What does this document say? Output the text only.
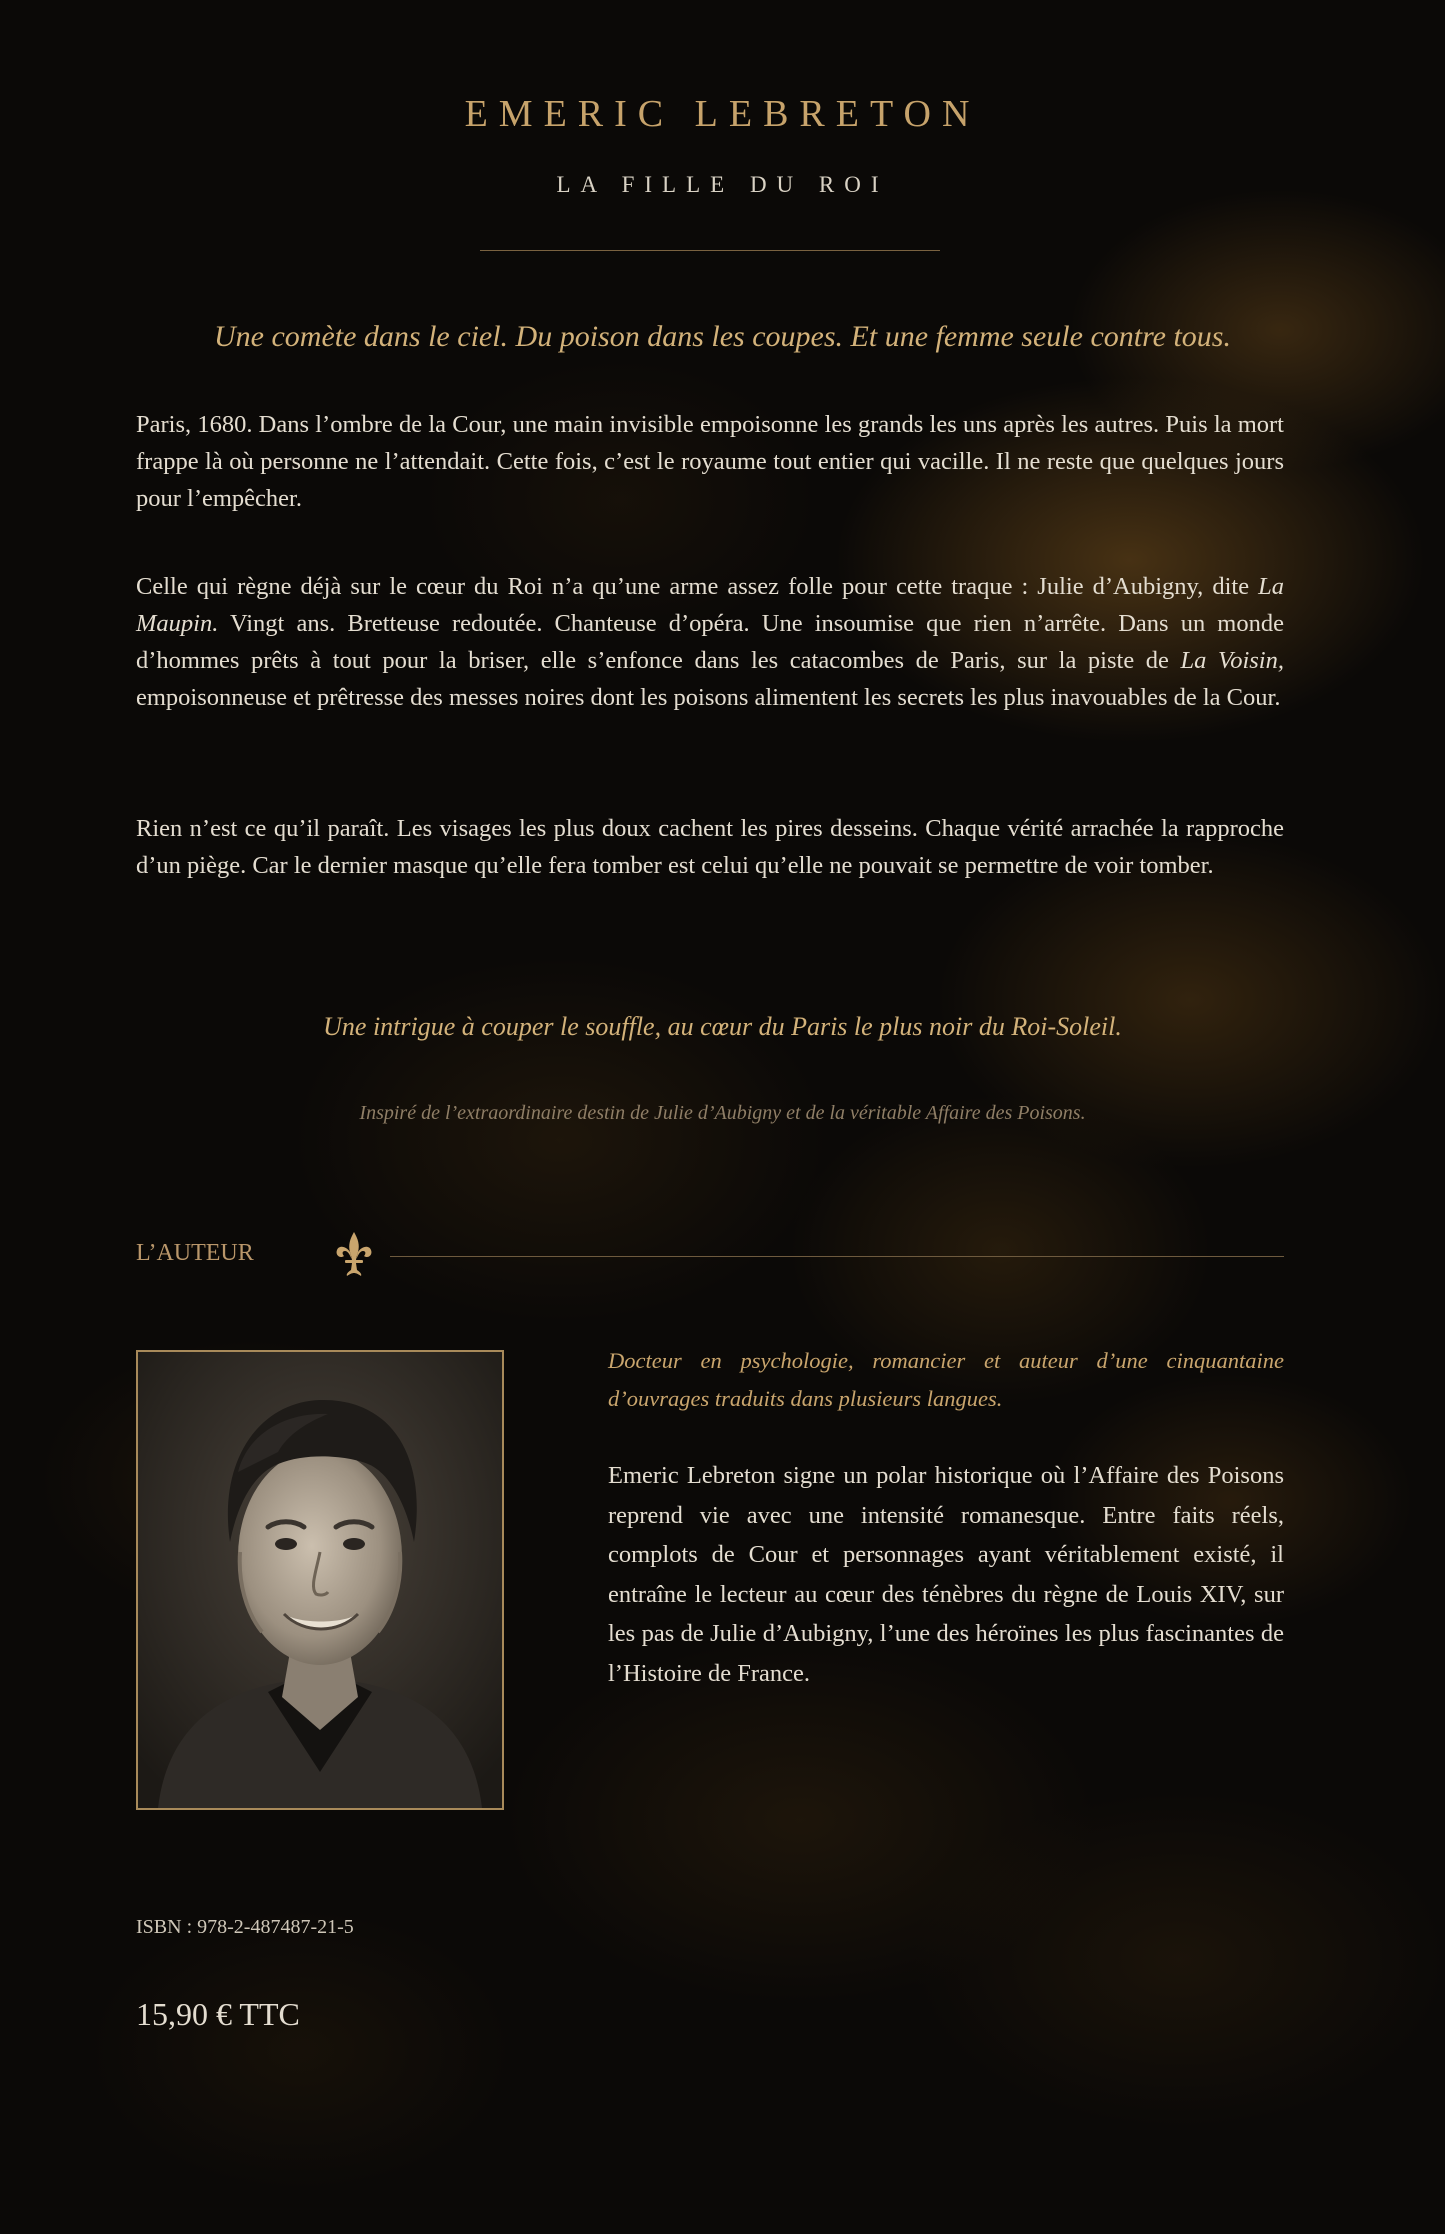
EMERIC LEBRETON
LA FILLE DU ROI
Une comète dans le ciel. Du poison dans les coupes. Et une femme seule contre tous.

Paris, 1680. Dans l’ombre de la Cour, une main invisible empoisonne les grands les uns après les autres. Puis la mort frappe là où personne ne l’attendait. Cette fois, c’est le royaume tout entier qui vacille. Il ne reste que quelques jours pour l’empêcher.

Celle qui règne déjà sur le cœur du Roi n’a qu’une arme assez folle pour cette traque : Julie d’Aubigny, dite La Maupin. Vingt ans. Bretteuse redoutée. Chanteuse d’opéra. Une insoumise que rien n’arrête. Dans un monde d’hommes prêts à tout pour la briser, elle s’enfonce dans les catacombes de Paris, sur la piste de La Voisin, empoisonneuse et prêtresse des messes noires dont les poisons alimentent les secrets les plus inavouables de la Cour.

Rien n’est ce qu’il paraît. Les visages les plus doux cachent les pires desseins. Chaque vérité arrachée la rapproche d’un piège. Car le dernier masque qu’elle fera tomber est celui qu’elle ne pouvait se permettre de voir tomber.

Une intrigue à couper le souffle, au cœur du Paris le plus noir du Roi-Soleil.
Inspiré de l’extraordinaire destin de Julie d’Aubigny et de la véritable Affaire des Poisons.
L’AUTEUR

Docteur en psychologie, romancier et auteur d’une cinquantaine d’ouvrages traduits dans plusieurs langues.

Emeric Lebreton signe un polar historique où l’Affaire des Poisons reprend vie avec une intensité romanesque. Entre faits réels, complots de Cour et personnages ayant véritablement existé, il entraîne le lecteur au cœur des ténèbres du règne de Louis XIV, sur les pas de Julie d’Aubigny, l’une des héroïnes les plus fascinantes de l’Histoire de France.

ISBN : 978-2-487487-21-5
15,90 € TTC
